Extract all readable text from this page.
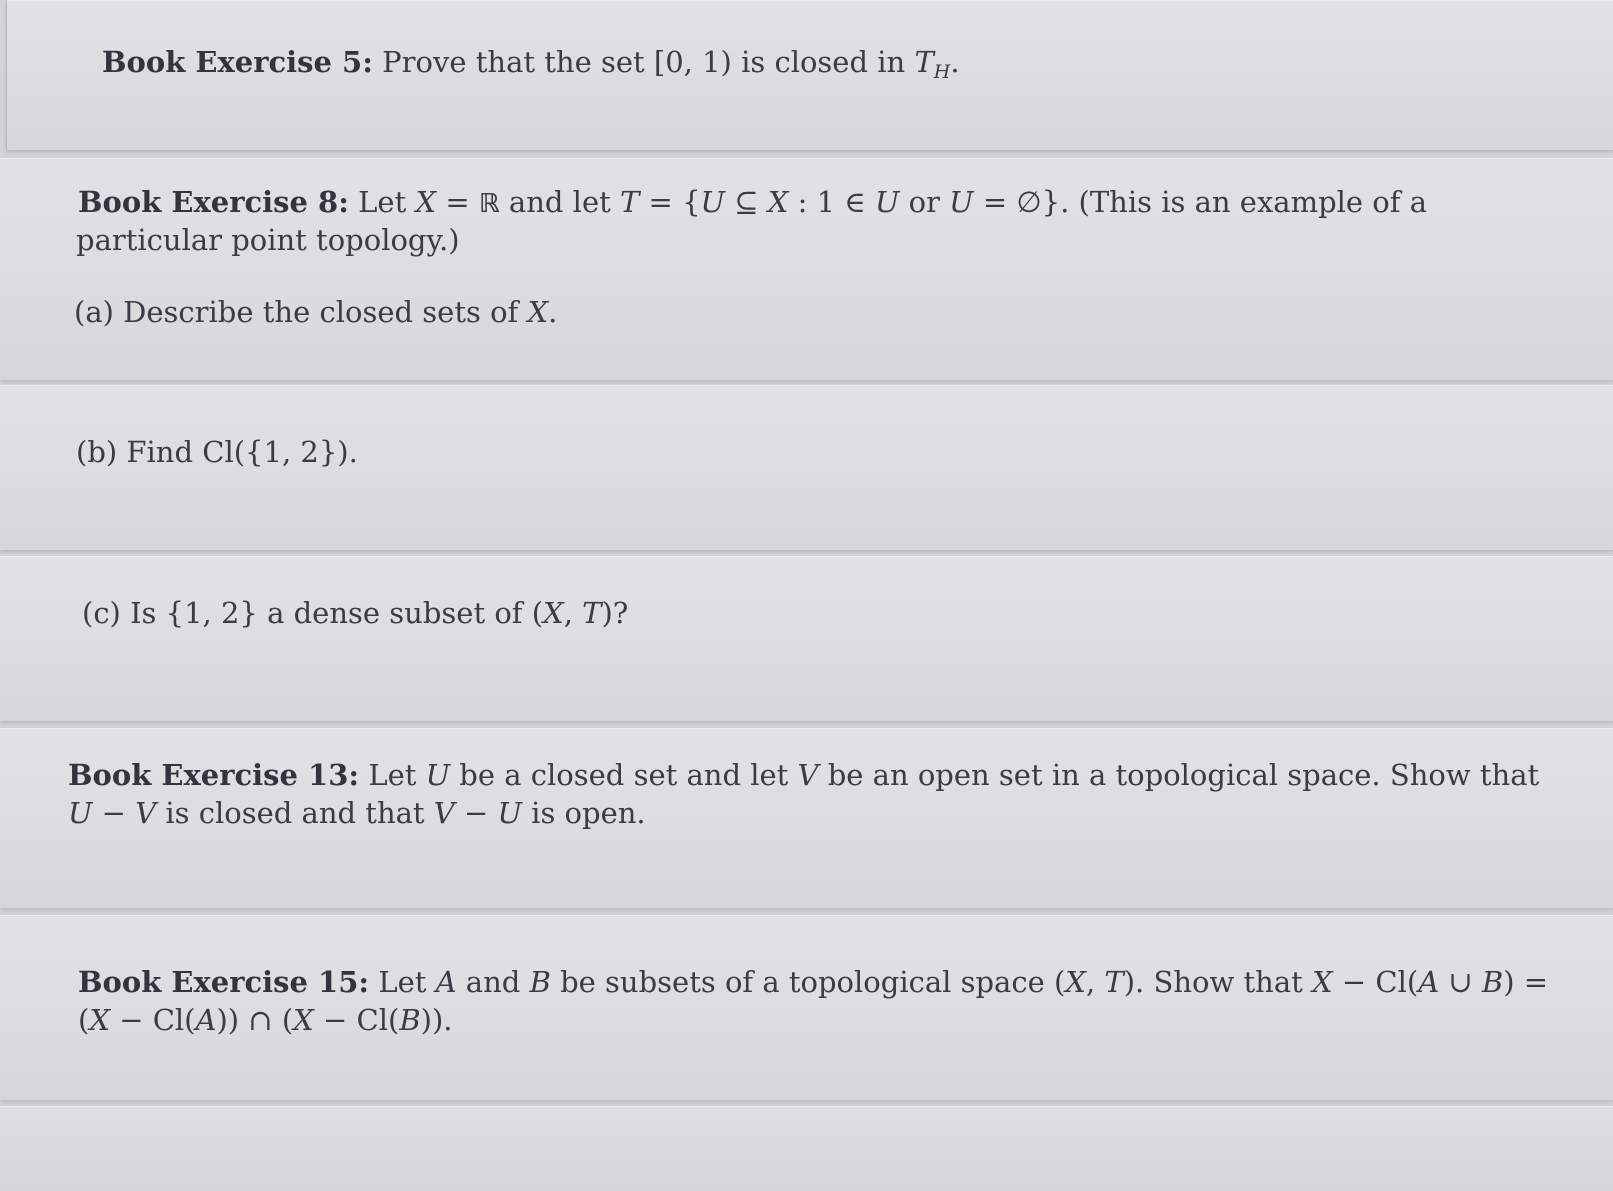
Book Exercise 5: Prove that the set [0, 1) is closed in $T_H$.
Book Exercise 8: Let X = ℝ and let T = {U ⊆ X : 1 ∈ U or U = ∅}. (This is an example of a
particular point topology.)
(a) Describe the closed sets of X.
(b) Find Cl({1, 2}).
(c) Is {1, 2} a dense subset of (X, T)?
Book Exercise 13: Let U be a closed set and let V be an open set in a topological space. Show that
U − V is closed and that V − U is open.
Book Exercise 15: Let A and B be subsets of a topological space (X, T). Show that X − Cl(A ∪ B) =
(X − Cl(A)) ∩ (X − Cl(B)).
